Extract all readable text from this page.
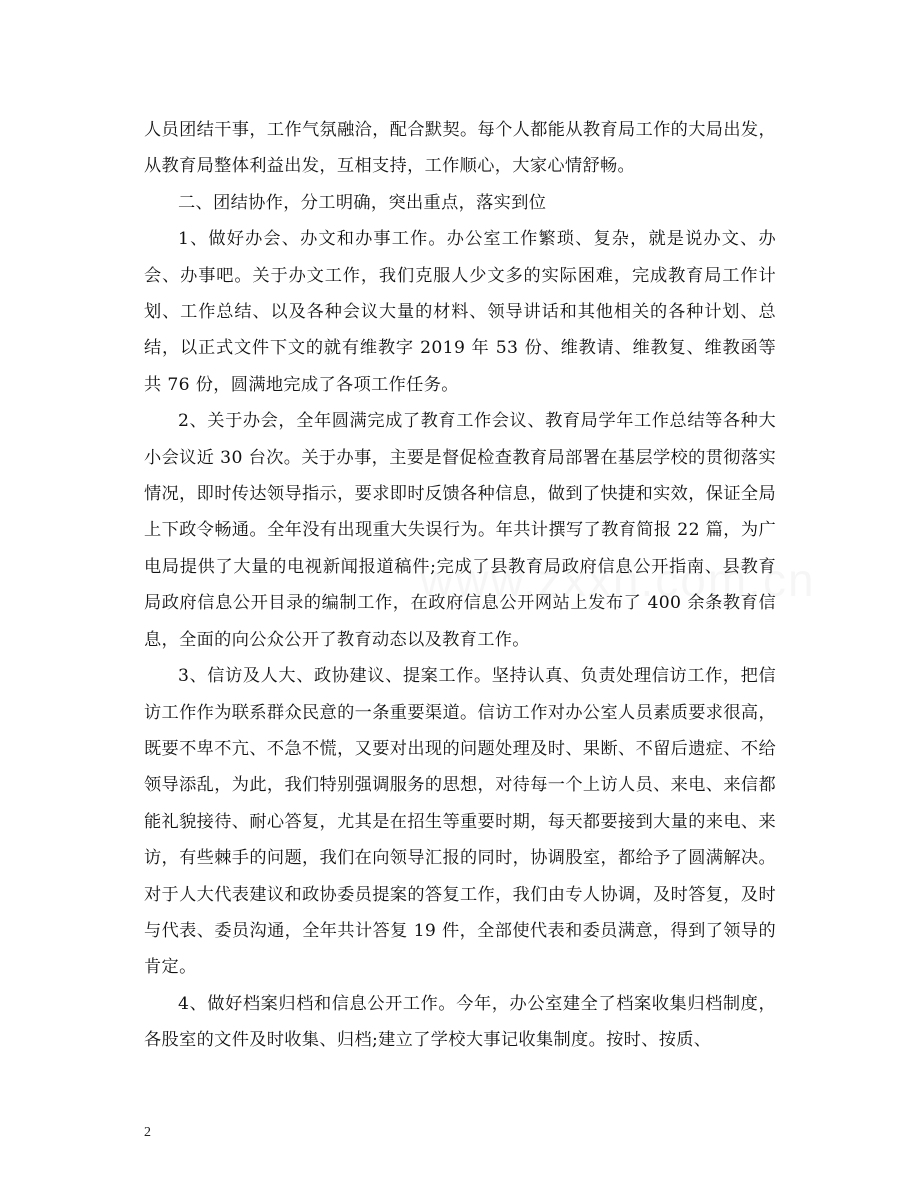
人员团结干事，工作气氛融洽，配合默契。每个人都能从教育局工作的大局出发，从教育局整体利益出发，互相支持，工作顺心，大家心情舒畅。

二、团结协作，分工明确，突出重点，落实到位

1、做好办会、办文和办事工作。办公室工作繁琐、复杂，就是说办文、办会、办事吧。关于办文工作，我们克服人少文多的实际困难，完成教育局工作计划、工作总结、以及各种会议大量的材料、领导讲话和其他相关的各种计划、总结，以正式文件下文的就有维教字 2019 年 53 份、维教请、维教复、维教函等共 76 份，圆满地完成了各项工作任务。

2、关于办会，全年圆满完成了教育工作会议、教育局学年工作总结等各种大小会议近 30 台次。关于办事，主要是督促检查教育局部署在基层学校的贯彻落实情况，即时传达领导指示，要求即时反馈各种信息，做到了快捷和实效，保证全局上下政令畅通。全年没有出现重大失误行为。年共计撰写了教育简报 22 篇，为广电局提供了大量的电视新闻报道稿件;完成了县教育局政府信息公开指南、县教育局政府信息公开目录的编制工作，在政府信息公开网站上发布了 400 余条教育信息，全面的向公众公开了教育动态以及教育工作。

3、信访及人大、政协建议、提案工作。坚持认真、负责处理信访工作，把信访工作作为联系群众民意的一条重要渠道。信访工作对办公室人员素质要求很高，既要不卑不亢、不急不慌，又要对出现的问题处理及时、果断、不留后遗症、不给领导添乱，为此，我们特别强调服务的思想，对待每一个上访人员、来电、来信都能礼貌接待、耐心答复，尤其是在招生等重要时期，每天都要接到大量的来电、来访，有些棘手的问题，我们在向领导汇报的同时，协调股室，都给予了圆满解决。对于人大代表建议和政协委员提案的答复工作，我们由专人协调，及时答复，及时与代表、委员沟通，全年共计答复 19 件，全部使代表和委员满意，得到了领导的肯定。

4、做好档案归档和信息公开工作。今年，办公室建全了档案收集归档制度，各股室的文件及时收集、归档;建立了学校大事记收集制度。按时、按质、

2
